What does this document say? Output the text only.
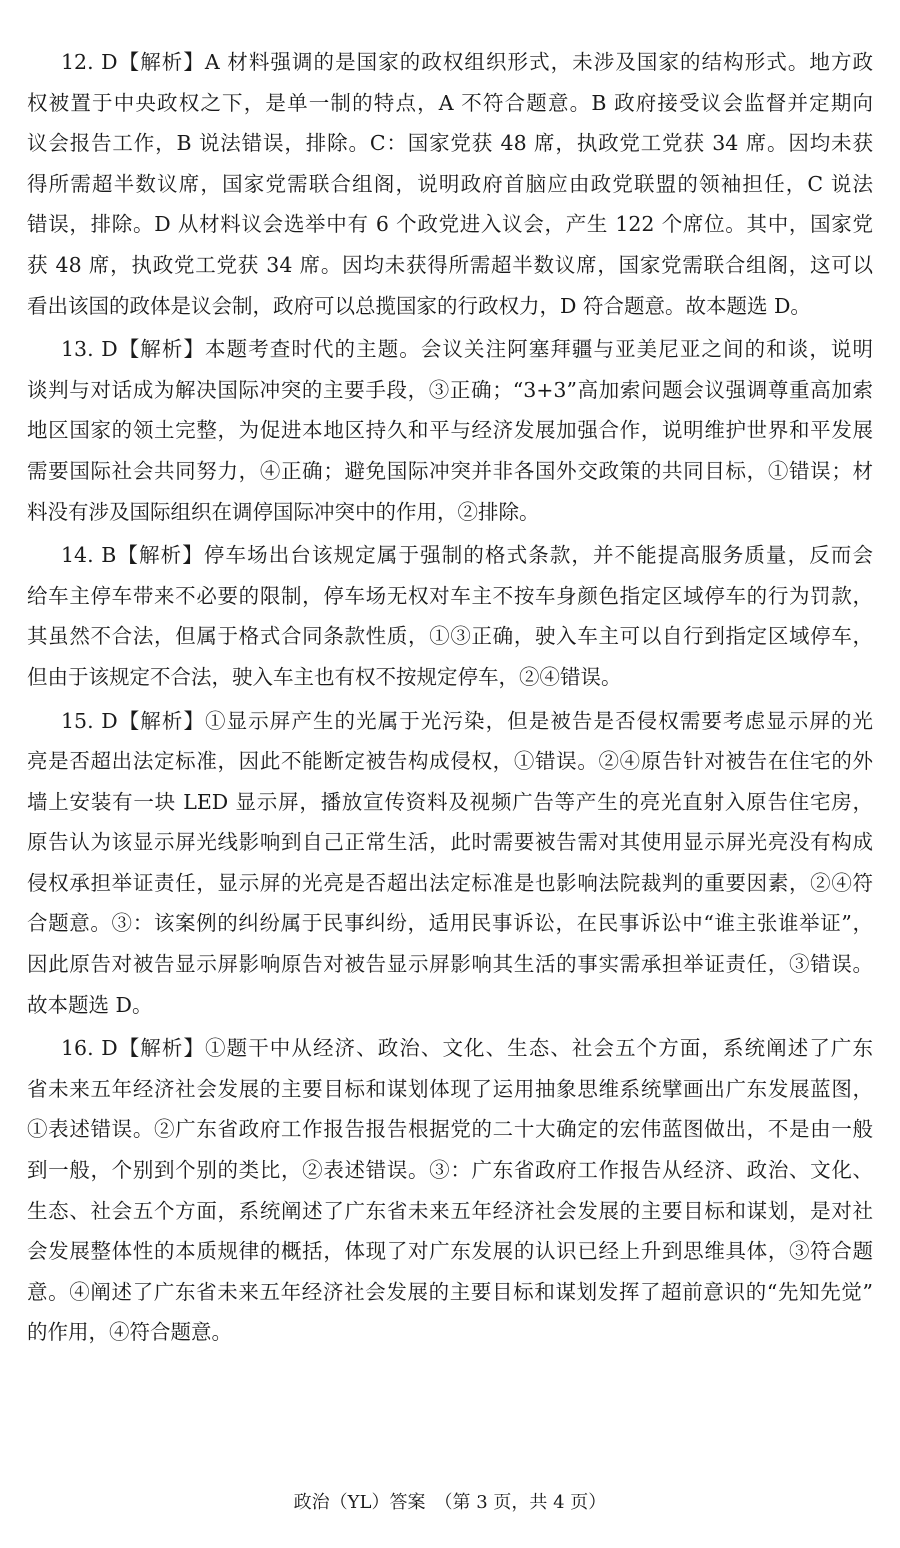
12. D【解析】A 材料强调的是国家的政权组织形式，未涉及国家的结构形式。地方政
权被置于中央政权之下，是单一制的特点，A 不符合题意。B 政府接受议会监督并定期向
议会报告工作，B 说法错误，排除。C：国家党获 48 席，执政党工党获 34 席。因均未获
得所需超半数议席，国家党需联合组阁，说明政府首脑应由政党联盟的领袖担任，C 说法
错误，排除。D 从材料议会选举中有 6 个政党进入议会，产生 122 个席位。其中，国家党
获 48 席，执政党工党获 34 席。因均未获得所需超半数议席，国家党需联合组阁，这可以
看出该国的政体是议会制，政府可以总揽国家的行政权力，D 符合题意。故本题选 D。
13. D【解析】本题考查时代的主题。会议关注阿塞拜疆与亚美尼亚之间的和谈，说明
谈判与对话成为解决国际冲突的主要手段，③正确；“3+3”高加索问题会议强调尊重高加索
地区国家的领土完整，为促进本地区持久和平与经济发展加强合作，说明维护世界和平发展
需要国际社会共同努力，④正确；避免国际冲突并非各国外交政策的共同目标，①错误；材
料没有涉及国际组织在调停国际冲突中的作用，②排除。
14. B【解析】停车场出台该规定属于强制的格式条款，并不能提高服务质量，反而会
给车主停车带来不必要的限制，停车场无权对车主不按车身颜色指定区域停车的行为罚款，
其虽然不合法，但属于格式合同条款性质，①③正确，驶入车主可以自行到指定区域停车，
但由于该规定不合法，驶入车主也有权不按规定停车，②④错误。
15. D【解析】①显示屏产生的光属于光污染，但是被告是否侵权需要考虑显示屏的光
亮是否超出法定标准，因此不能断定被告构成侵权，①错误。②④原告针对被告在住宅的外
墙上安装有一块 LED 显示屏，播放宣传资料及视频广告等产生的亮光直射入原告住宅房，
原告认为该显示屏光线影响到自己正常生活，此时需要被告需对其使用显示屏光亮没有构成
侵权承担举证责任，显示屏的光亮是否超出法定标准是也影响法院裁判的重要因素，②④符
合题意。③：该案例的纠纷属于民事纠纷，适用民事诉讼，在民事诉讼中“谁主张谁举证”，
因此原告对被告显示屏影响原告对被告显示屏影响其生活的事实需承担举证责任，③错误。
故本题选 D。
16. D【解析】①题干中从经济、政治、文化、生态、社会五个方面，系统阐述了广东
省未来五年经济社会发展的主要目标和谋划体现了运用抽象思维系统擘画出广东发展蓝图，
①表述错误。②广东省政府工作报告报告根据党的二十大确定的宏伟蓝图做出，不是由一般
到一般，个别到个别的类比，②表述错误。③：广东省政府工作报告从经济、政治、文化、
生态、社会五个方面，系统阐述了广东省未来五年经济社会发展的主要目标和谋划，是对社
会发展整体性的本质规律的概括，体现了对广东发展的认识已经上升到思维具体，③符合题
意。④阐述了广东省未来五年经济社会发展的主要目标和谋划发挥了超前意识的“先知先觉”
的作用，④符合题意。
政治（YL）答案　（第 3 页，共 4 页）
